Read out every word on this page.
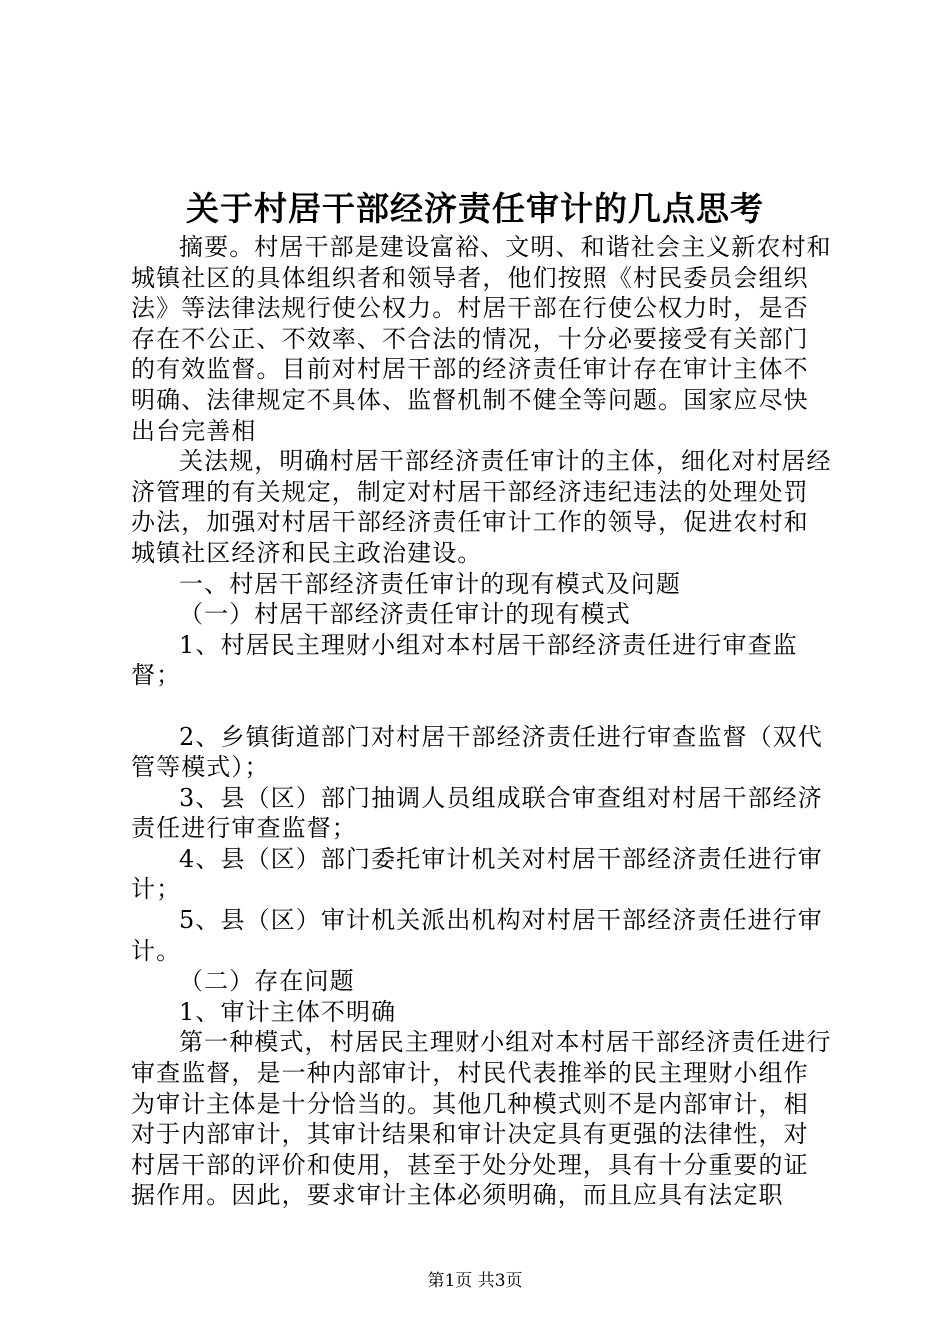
关于村居干部经济责任审计的几点思考

摘要。村居干部是建设富裕、文明、和谐社会主义新农村和城镇社区的具体组织者和领导者，他们按照《村民委员会组织法》等法律法规行使公权力。村居干部在行使公权力时，是否存在不公正、不效率、不合法的情况，十分必要接受有关部门的有效监督。目前对村居干部的经济责任审计存在审计主体不明确、法律规定不具体、监督机制不健全等问题。国家应尽快出台完善相

关法规，明确村居干部经济责任审计的主体，细化对村居经济管理的有关规定，制定对村居干部经济违纪违法的处理处罚办法，加强对村居干部经济责任审计工作的领导，促进农村和城镇社区经济和民主政治建设。

一、村居干部经济责任审计的现有模式及问题

（一）村居干部经济责任审计的现有模式

1、村居民主理财小组对本村居干部经济责任进行审查监督；

2、乡镇街道部门对村居干部经济责任进行审查监督（双代管等模式）；

3、县（区）部门抽调人员组成联合审查组对村居干部经济责任进行审查监督；

4、县（区）部门委托审计机关对村居干部经济责任进行审计；

5、县（区）审计机关派出机构对村居干部经济责任进行审计。

（二）存在问题

1、审计主体不明确

第一种模式，村居民主理财小组对本村居干部经济责任进行审查监督，是一种内部审计，村民代表推举的民主理财小组作为审计主体是十分恰当的。其他几种模式则不是内部审计，相对于内部审计，其审计结果和审计决定具有更强的法律性，对村居干部的评价和使用，甚至于处分处理，具有十分重要的证据作用。因此，要求审计主体必须明确，而且应具有法定职

第1页 共3页
